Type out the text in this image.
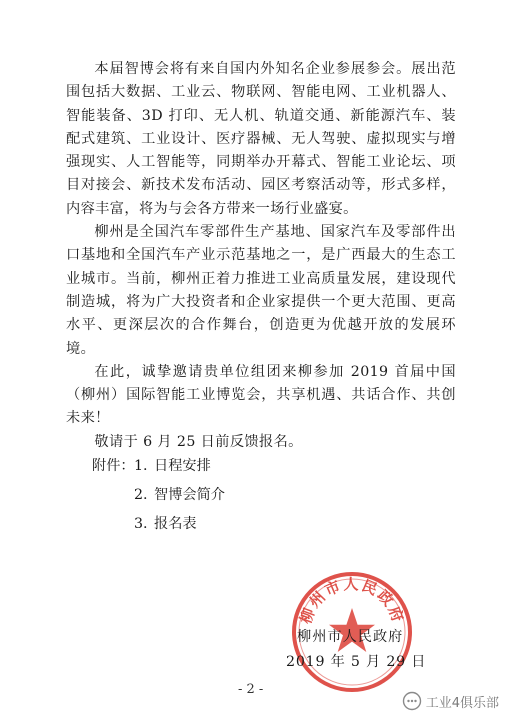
本届智博会将有来自国内外知名企业参展参会。展出范围包括大数据、工业云、物联网、智能电网、工业机器人、智能装备、3D 打印、无人机、轨道交通、新能源汽车、装配式建筑、工业设计、医疗器械、无人驾驶、虚拟现实与增强现实、人工智能等，同期举办开幕式、智能工业论坛、项目对接会、新技术发布活动、园区考察活动等，形式多样，内容丰富，将为与会各方带来一场行业盛宴。

柳州是全国汽车零部件生产基地、国家汽车及零部件出口基地和全国汽车产业示范基地之一，是广西最大的生态工业城市。当前，柳州正着力推进工业高质量发展，建设现代制造城，将为广大投资者和企业家提供一个更大范围、更高水平、更深层次的合作舞台，创造更为优越开放的发展环境。

在此，诚挚邀请贵单位组团来柳参加 2019 首届中国（柳州）国际智能工业博览会，共享机遇、共话合作、共创未来！

敬请于 6 月 25 日前反馈报名。

附件： 1. 日程安排
2. 智博会简介
3. 报名表
柳州市人民政府
柳州市人民政府
2019 年 5 月 29 日
- 2 -
工业4俱乐部
